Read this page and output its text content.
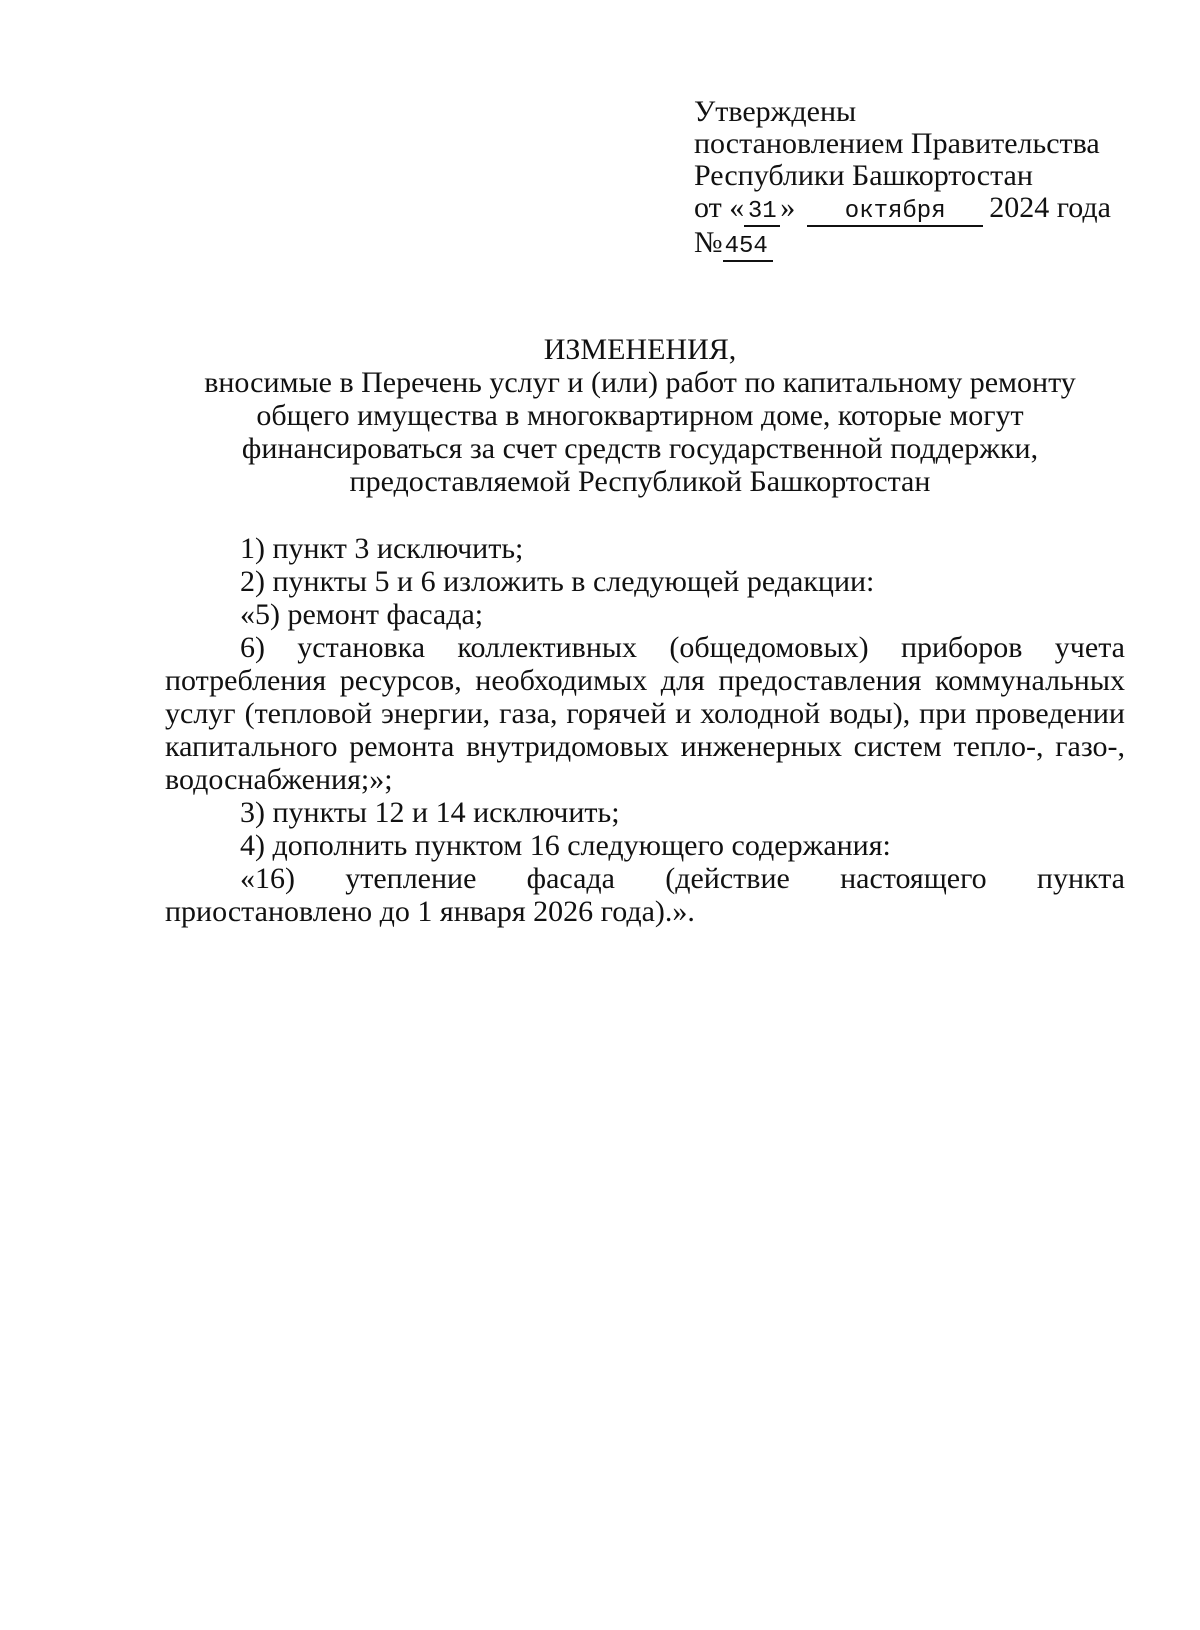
Утверждены
постановлением Правительства
Республики Башкортостан
от « 31 » октября 2024 года
№454
ИЗМЕНЕНИЯ,
вносимые в Перечень услуг и (или) работ по капитальному ремонту
общего имущества в многоквартирном доме, которые могут
финансироваться за счет средств государственной поддержки,
предоставляемой Республикой Башкортостан

1) пункт 3 исключить;

2) пункты 5 и 6 изложить в следующей редакции:

«5) ремонт фасада;

6) установка коллективных (общедомовых) приборов учета потребления ресурсов, необходимых для предоставления коммунальных услуг (тепловой энергии, газа, горячей и холодной воды), при проведении капитального ремонта внутридомовых инженерных систем тепло-, газо-, водоснабжения;»;

3) пункты 12 и 14 исключить;

4) дополнить пунктом 16 следующего содержания:

«16) утепление фасада (действие настоящего пункта приостановлено до 1 января 2026 года).».
